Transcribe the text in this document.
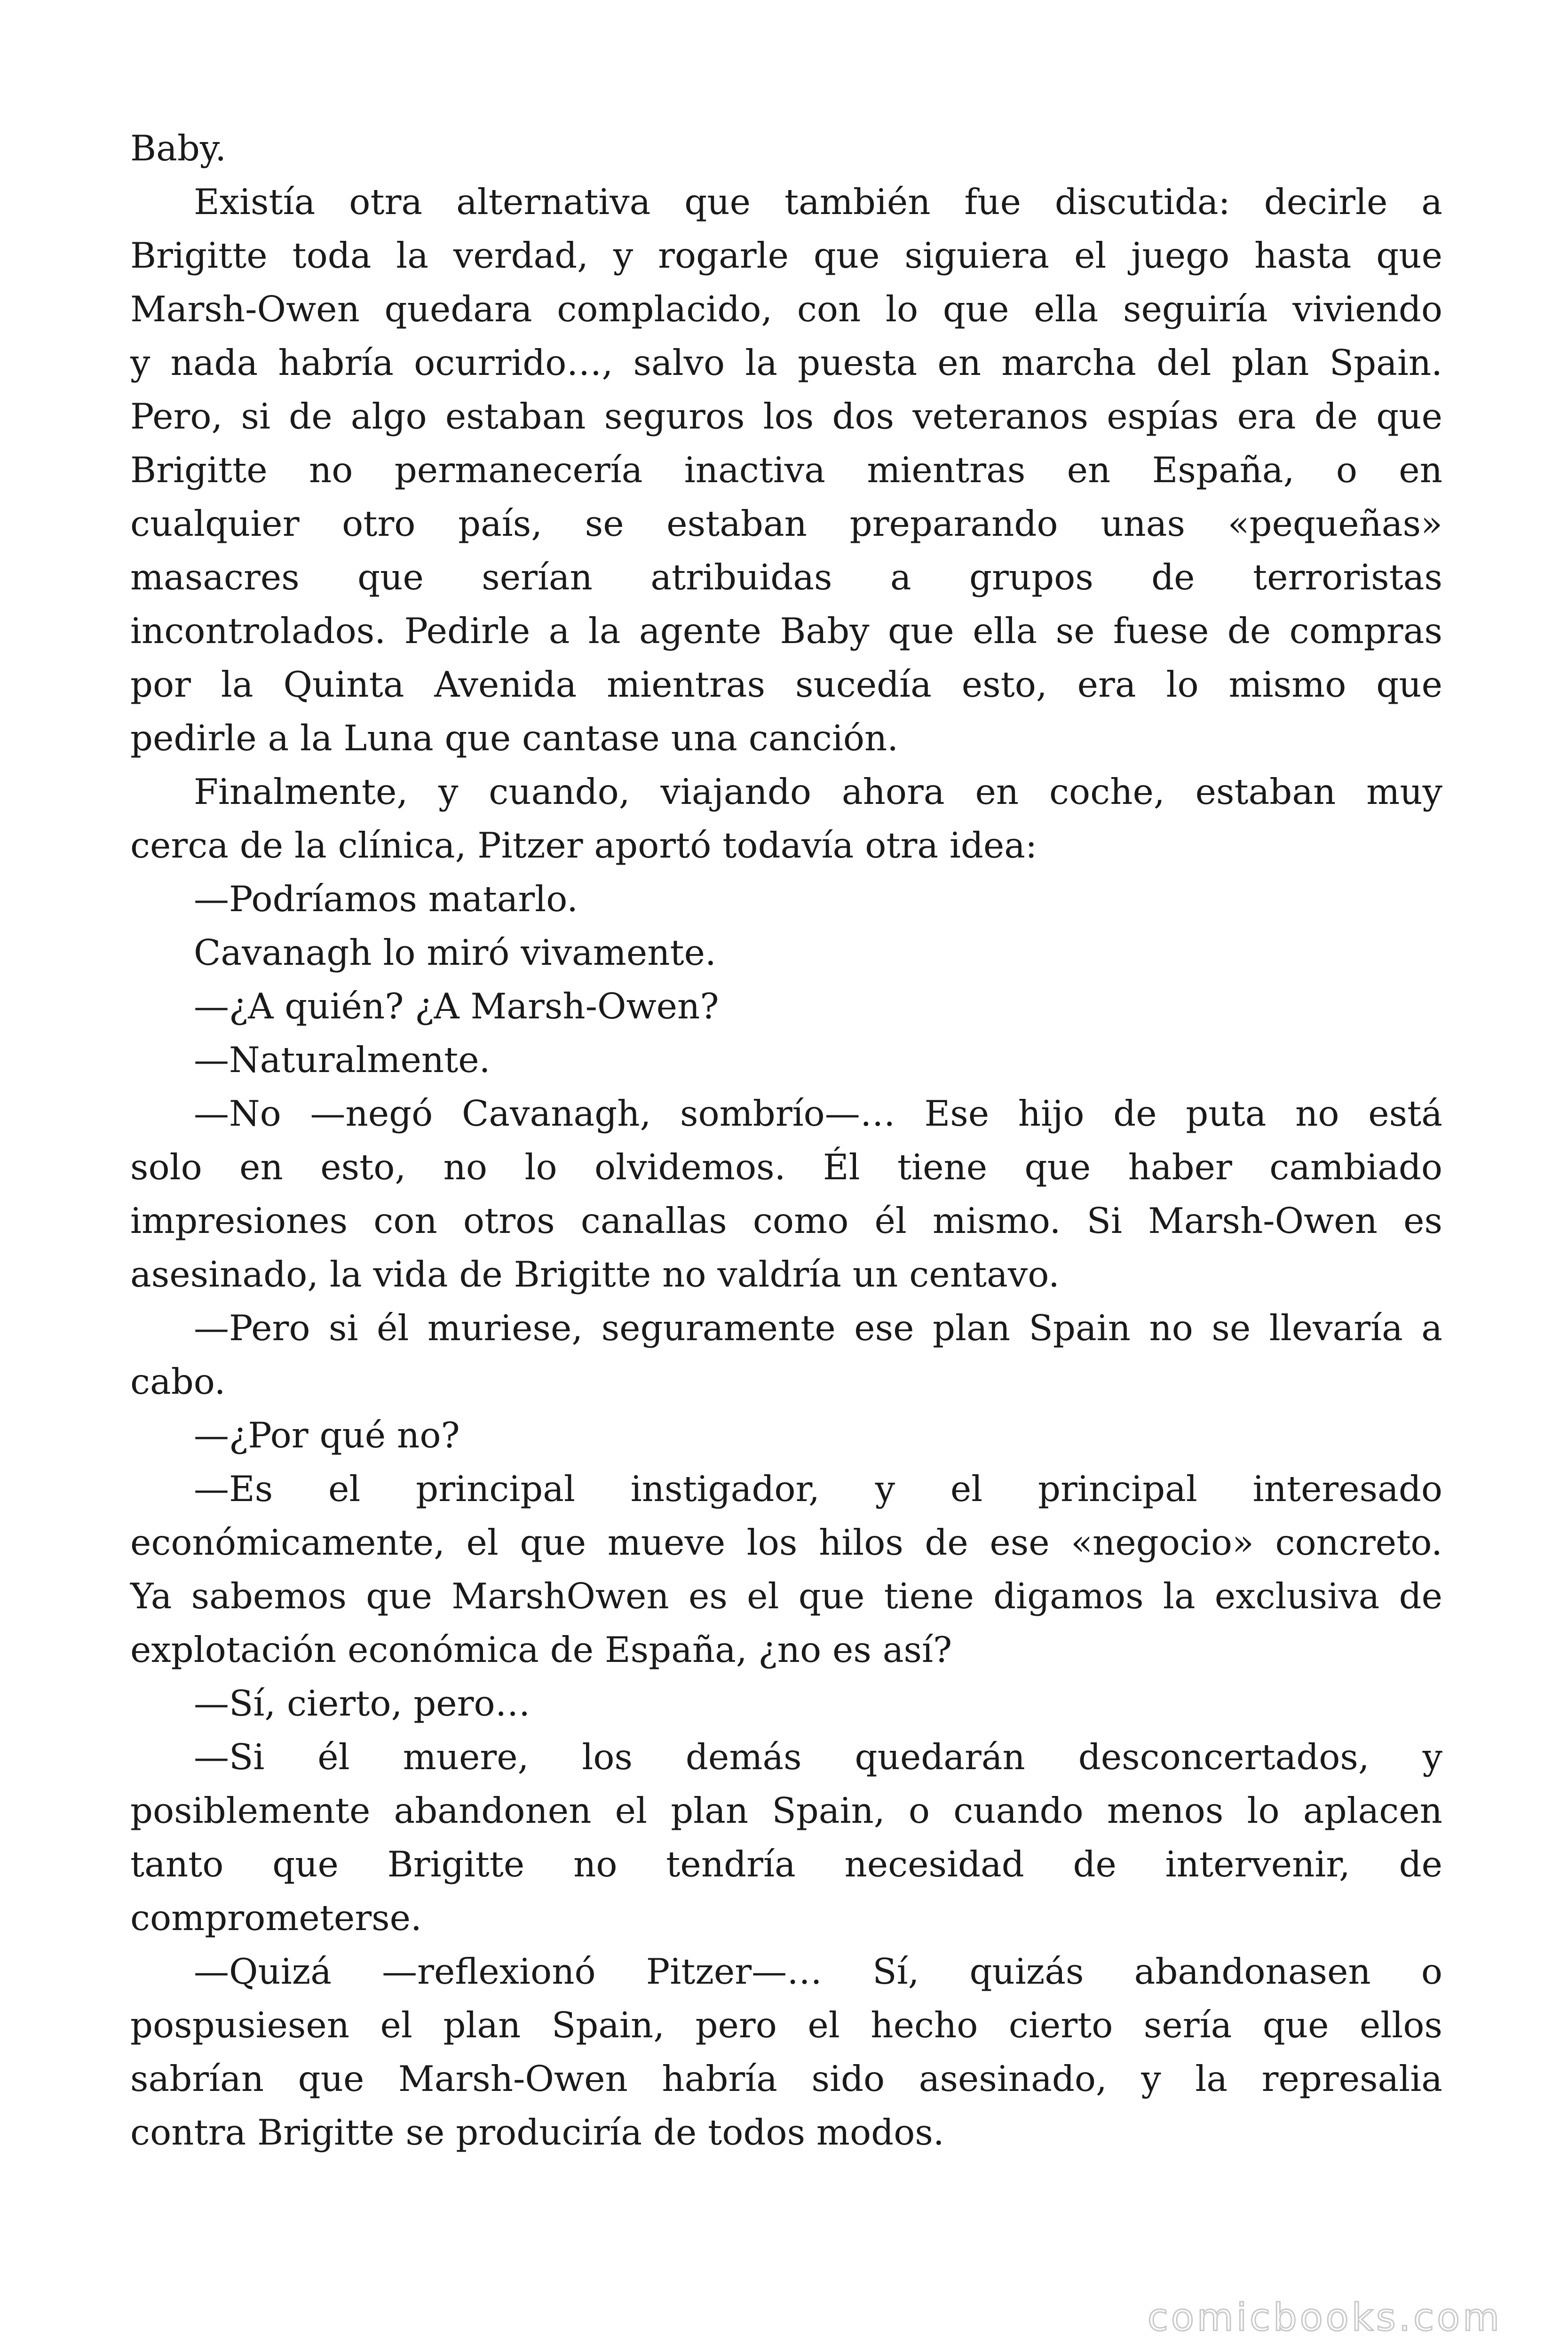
Baby.
Existía otra alternativa que también fue discutida: decirle a
Brigitte toda la verdad, y rogarle que siguiera el juego hasta que
Marsh-Owen quedara complacido, con lo que ella seguiría viviendo
y nada habría ocurrido…, salvo la puesta en marcha del plan Spain.
Pero, si de algo estaban seguros los dos veteranos espías era de que
Brigitte no permanecería inactiva mientras en España, o en
cualquier otro país, se estaban preparando unas «pequeñas»
masacres que serían atribuidas a grupos de terroristas
incontrolados. Pedirle a la agente Baby que ella se fuese de compras
por la Quinta Avenida mientras sucedía esto, era lo mismo que
pedirle a la Luna que cantase una canción.
Finalmente, y cuando, viajando ahora en coche, estaban muy
cerca de la clínica, Pitzer aportó todavía otra idea:
—Podríamos matarlo.
Cavanagh lo miró vivamente.
—¿A quién? ¿A Marsh-Owen?
—Naturalmente.
—No —negó Cavanagh, sombrío—… Ese hijo de puta no está
solo en esto, no lo olvidemos. Él tiene que haber cambiado
impresiones con otros canallas como él mismo. Si Marsh-Owen es
asesinado, la vida de Brigitte no valdría un centavo.
—Pero si él muriese, seguramente ese plan Spain no se llevaría a
cabo.
—¿Por qué no?
—Es el principal instigador, y el principal interesado
económicamente, el que mueve los hilos de ese «negocio» concreto.
Ya sabemos que MarshOwen es el que tiene digamos la exclusiva de
explotación económica de España, ¿no es así?
—Sí, cierto, pero…
—Si él muere, los demás quedarán desconcertados, y
posiblemente abandonen el plan Spain, o cuando menos lo aplacen
tanto que Brigitte no tendría necesidad de intervenir, de
comprometerse.
—Quizá —reflexionó Pitzer—… Sí, quizás abandonasen o
pospusiesen el plan Spain, pero el hecho cierto sería que ellos
sabrían que Marsh-Owen habría sido asesinado, y la represalia
contra Brigitte se produciría de todos modos.
comicbooks.com
